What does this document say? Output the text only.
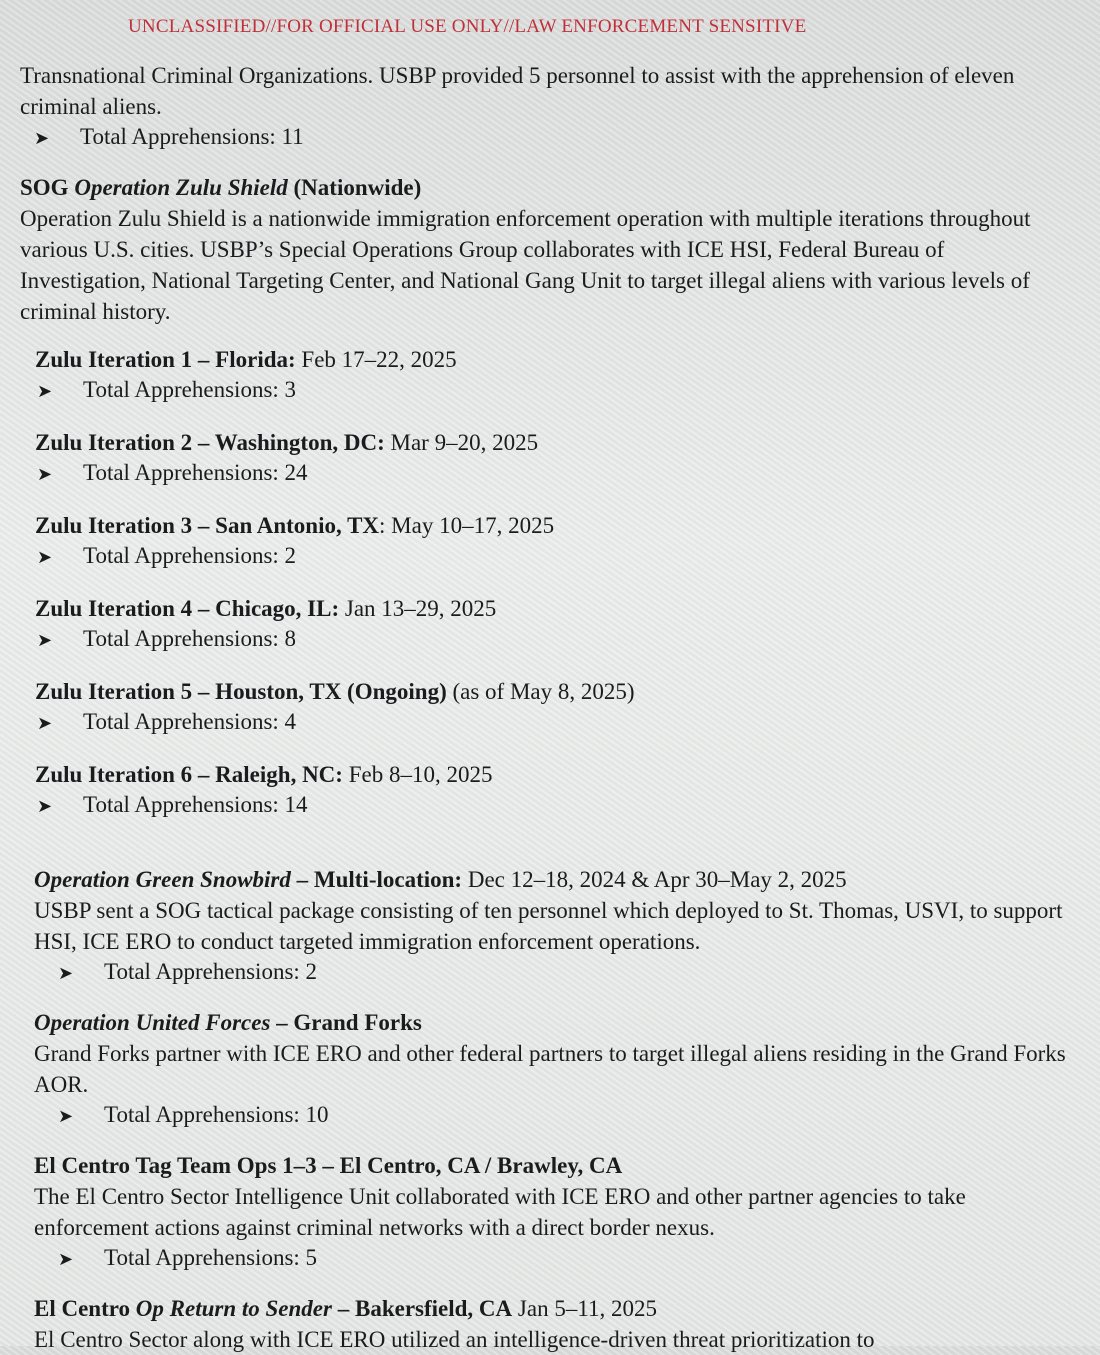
UNCLASSIFIED//FOR OFFICIAL USE ONLY//LAW ENFORCEMENT SENSITIVE

Transnational Criminal Organizations. USBP provided 5 personnel to assist with the apprehension of eleven criminal aliens.

➤ Total Apprehensions: 11
SOG Operation Zulu Shield (Nationwide)

Operation Zulu Shield is a nationwide immigration enforcement operation with multiple iterations throughout various U.S. cities. USBP’s Special Operations Group collaborates with ICE HSI, Federal Bureau of Investigation, National Targeting Center, and National Gang Unit to target illegal aliens with various levels of criminal history.

Zulu Iteration 1 – Florida: Feb 17–22, 2025
➤ Total Apprehensions: 3
Zulu Iteration 2 – Washington, DC: Mar 9–20, 2025
➤ Total Apprehensions: 24
Zulu Iteration 3 – San Antonio, TX: May 10–17, 2025
➤ Total Apprehensions: 2
Zulu Iteration 4 – Chicago, IL: Jan 13–29, 2025
➤ Total Apprehensions: 8
Zulu Iteration 5 – Houston, TX (Ongoing) (as of May 8, 2025)
➤ Total Apprehensions: 4
Zulu Iteration 6 – Raleigh, NC: Feb 8–10, 2025
➤ Total Apprehensions: 14
Operation Green Snowbird – Multi-location: Dec 12–18, 2024 & Apr 30–May 2, 2025

USBP sent a SOG tactical package consisting of ten personnel which deployed to St. Thomas, USVI, to support HSI, ICE ERO to conduct targeted immigration enforcement operations.

➤ Total Apprehensions: 2
Operation United Forces – Grand Forks

Grand Forks partner with ICE ERO and other federal partners to target illegal aliens residing in the Grand Forks AOR.

➤ Total Apprehensions: 10
El Centro Tag Team Ops 1–3 – El Centro, CA / Brawley, CA

The El Centro Sector Intelligence Unit collaborated with ICE ERO and other partner agencies to take enforcement actions against criminal networks with a direct border nexus.

➤ Total Apprehensions: 5
El Centro Op Return to Sender – Bakersfield, CA Jan 5–11, 2025

El Centro Sector along with ICE ERO utilized an intelligence-driven threat prioritization to
